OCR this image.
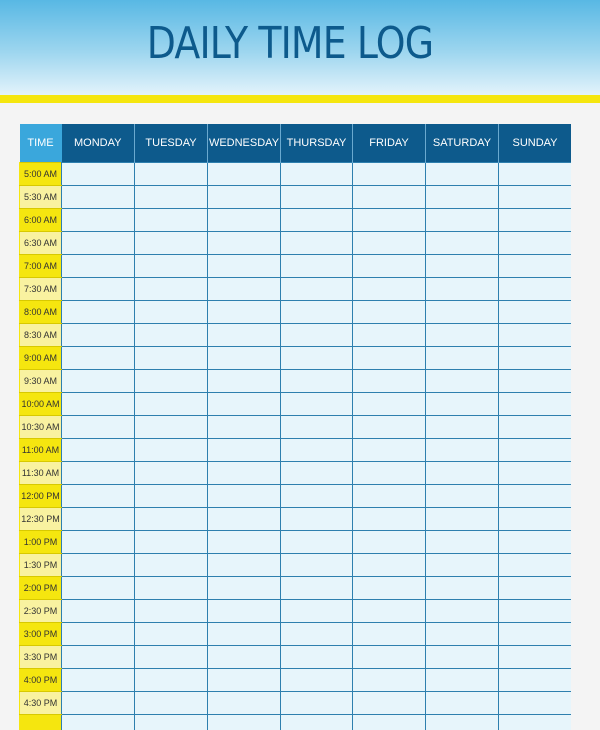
DAILY TIME LOG
TIME	MONDAY	TUESDAY	WEDNESDAY	THURSDAY	FRIDAY	SATURDAY	SUNDAY
5:00 AM							
5:30 AM							
6:00 AM							
6:30 AM							
7:00 AM							
7:30 AM							
8:00 AM							
8:30 AM							
9:00 AM							
9:30 AM							
10:00 AM							
10:30 AM							
11:00 AM							
11:30 AM							
12:00 PM							
12:30 PM							
1:00 PM							
1:30 PM							
2:00 PM							
2:30 PM							
3:00 PM							
3:30 PM							
4:00 PM							
4:30 PM							
